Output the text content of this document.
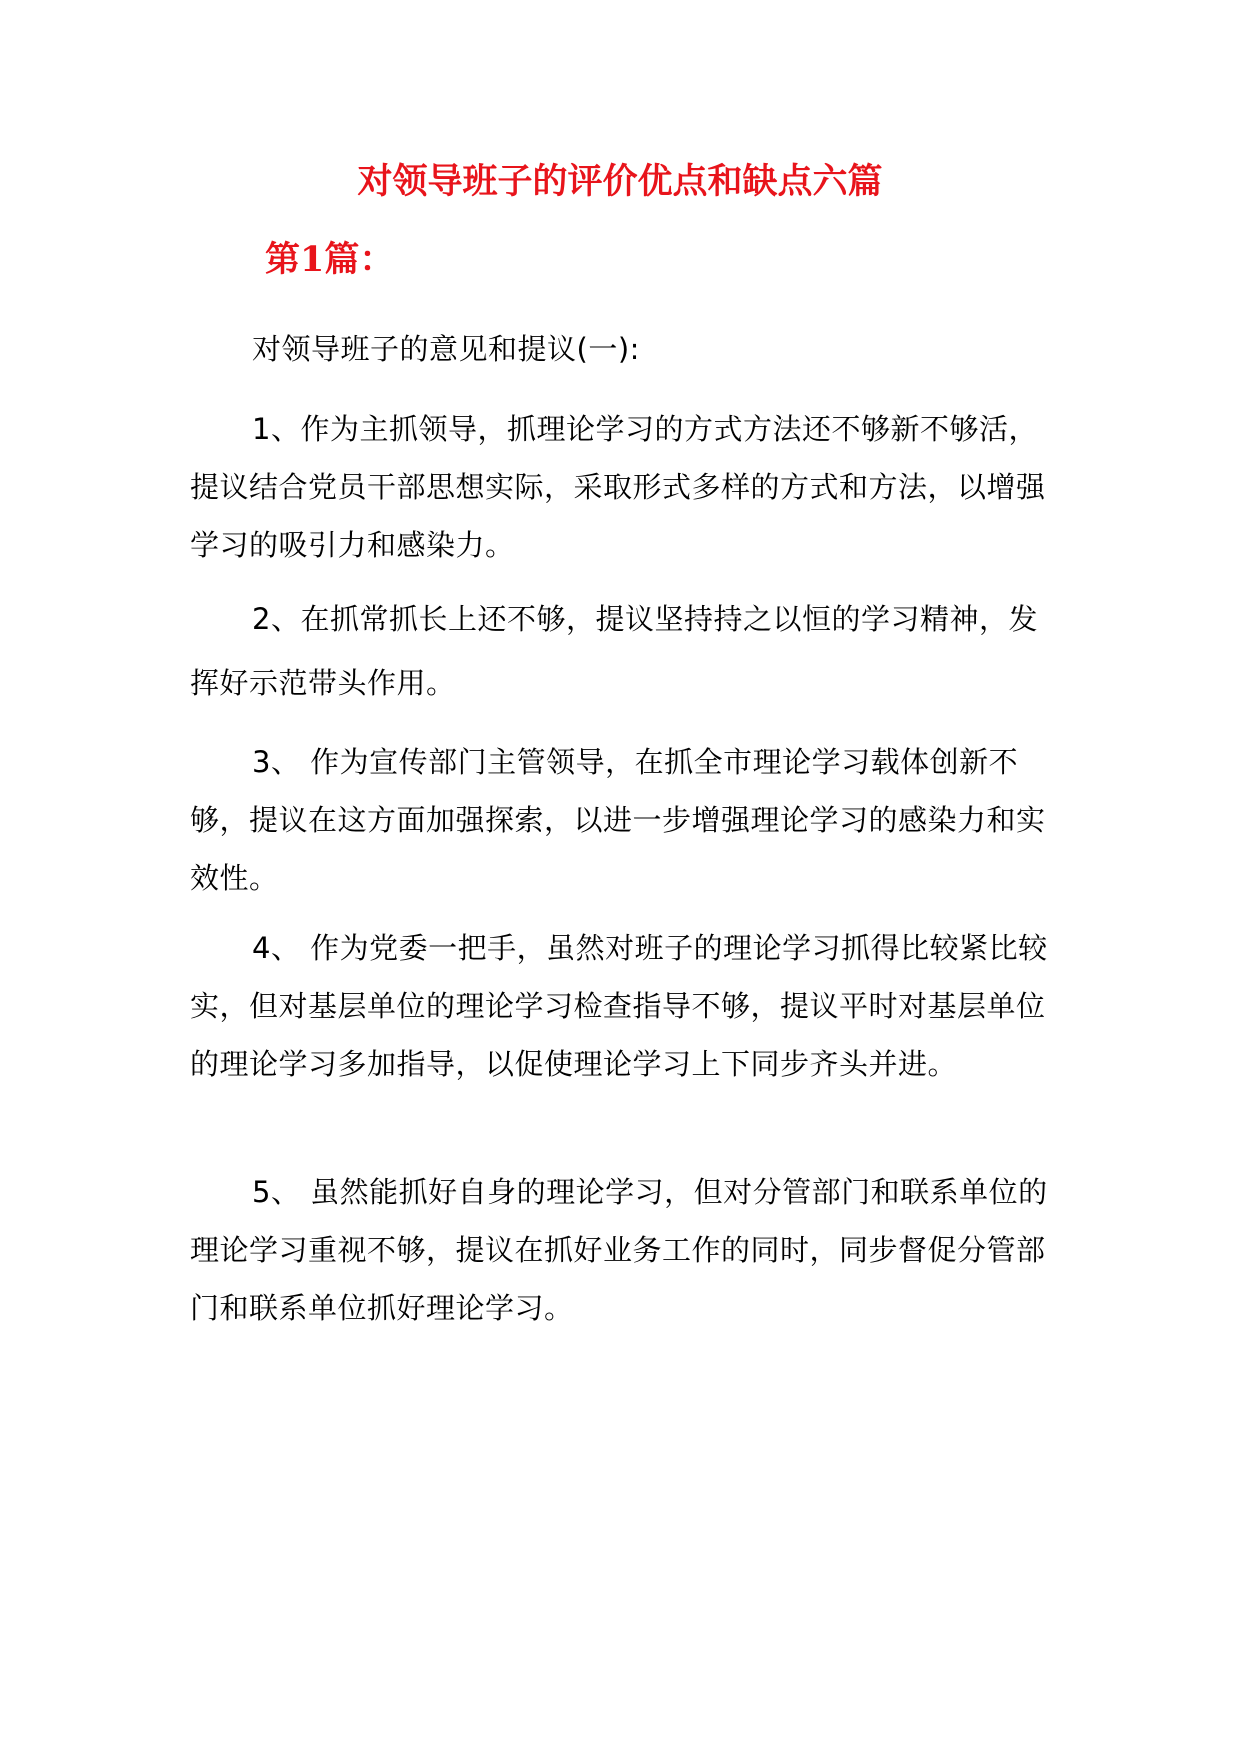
对领导班子的评价优点和缺点六篇
第1篇：

对领导班子的意见和提议(一):

1、作为主抓领导，抓理论学习的方式方法还不够新不够活，提议结合党员干部思想实际，采取形式多样的方式和方法，以增强学习的吸引力和感染力。

2、在抓常抓长上还不够，提议坚持持之以恒的学习精神，发挥好示范带头作用。

3、 作为宣传部门主管领导，在抓全市理论学习载体创新不够，提议在这方面加强探索，以进一步增强理论学习的感染力和实效性。

4、 作为党委一把手，虽然对班子的理论学习抓得比较紧比较实，但对基层单位的理论学习检查指导不够，提议平时对基层单位的理论学习多加指导，以促使理论学习上下同步齐头并进。

5、 虽然能抓好自身的理论学习，但对分管部门和联系单位的理论学习重视不够，提议在抓好业务工作的同时，同步督促分管部门和联系单位抓好理论学习。
